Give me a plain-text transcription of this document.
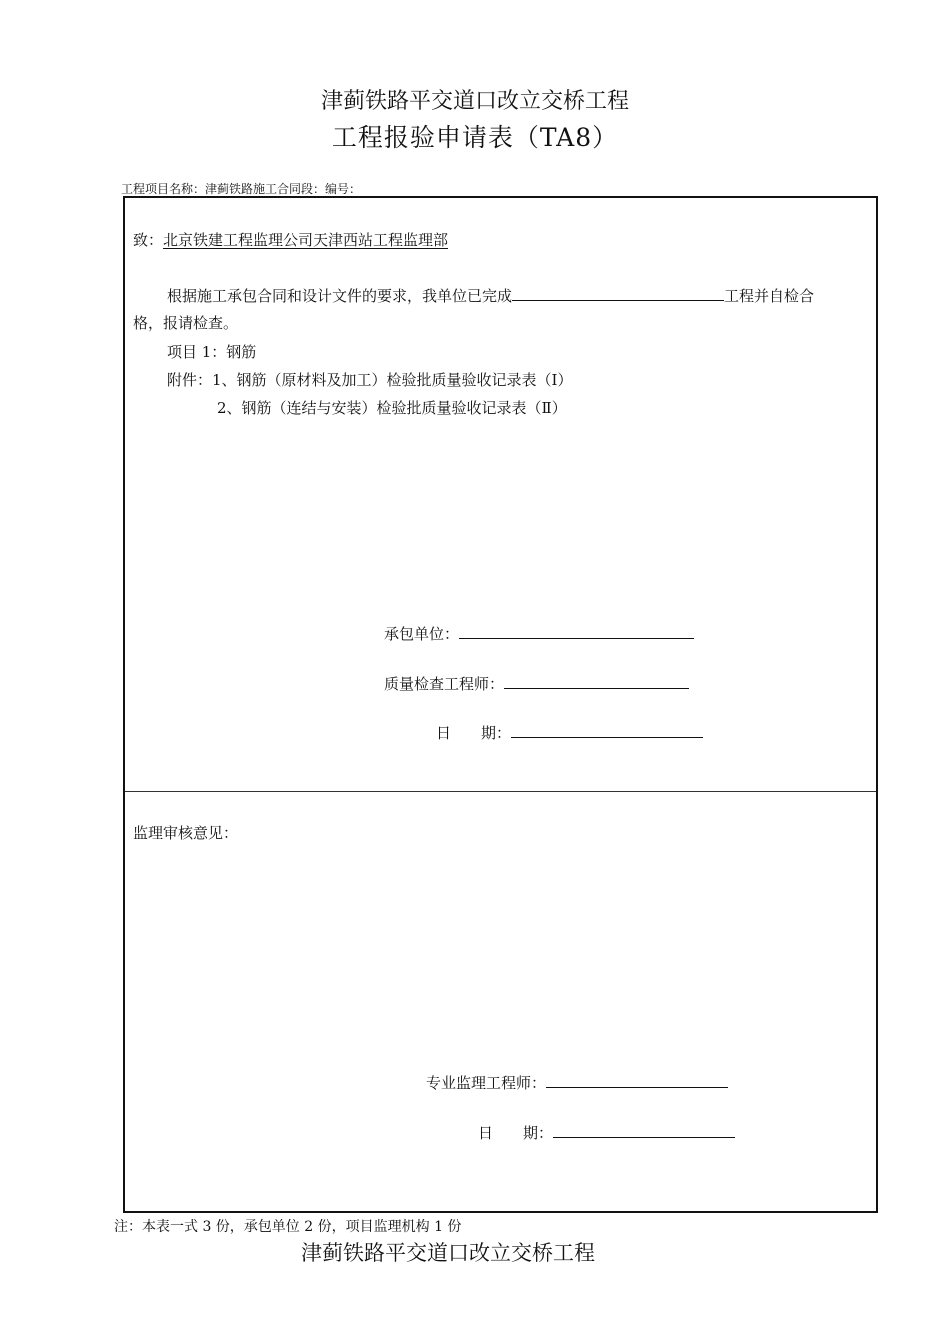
津蓟铁路平交道口改立交桥工程
工程报验申请表（TA8）
工程项目名称：津蓟铁路施工合同段：编号：
致：北京铁建工程监理公司天津西站工程监理部
根据施工承包合同和设计文件的要求，我单位已完成	工程并自检合
格，报请检查。
项目 1：钢筋
附件：1、钢筋（原材料及加工）检验批质量验收记录表（Ⅰ）
2、钢筋（连结与安装）检验批质量验收记录表（Ⅱ）
承包单位：
质量检查工程师：
日　　期：
监理审核意见：
专业监理工程师：
日　　期：
注：本表一式 3 份，承包单位 2 份，项目监理机构 1 份
津蓟铁路平交道口改立交桥工程
